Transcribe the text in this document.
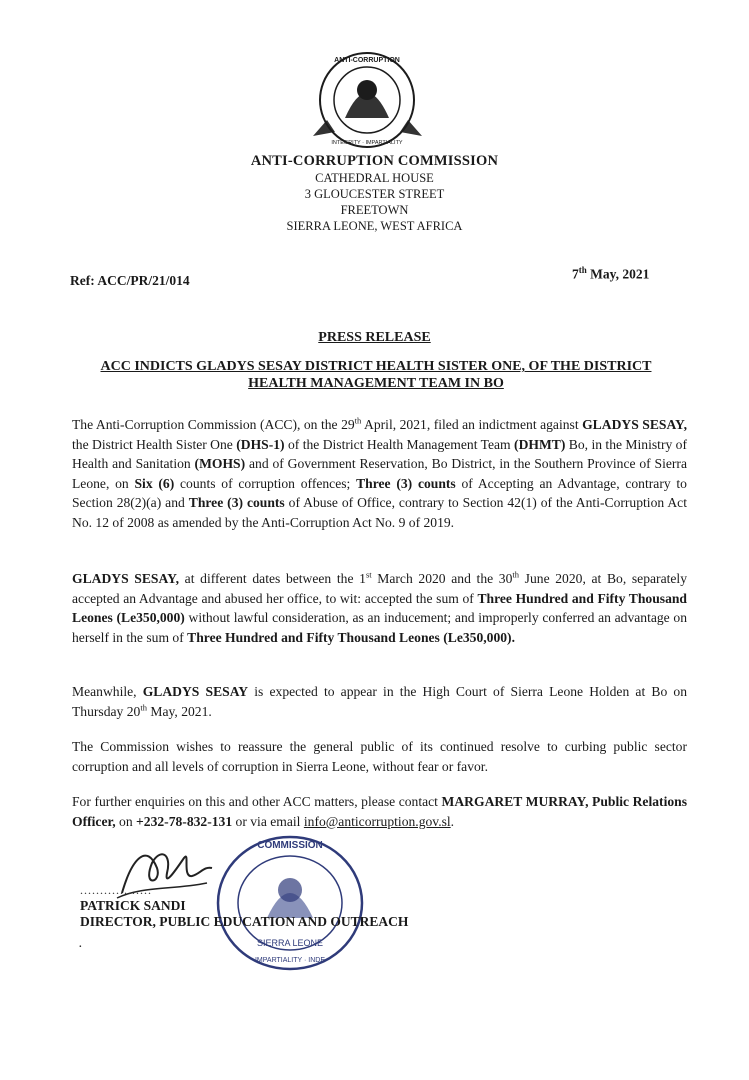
ANTI-CORRUPTION
INTEGRITY · IMPARTIALITY
ANTI-CORRUPTION COMMISSION
CATHEDRAL HOUSE
3 GLOUCESTER STREET
FREETOWN
SIERRA LEONE, WEST AFRICA
Ref: ACC/PR/21/014	7th May, 2021
PRESS RELEASE
ACC INDICTS GLADYS SESAY DISTRICT HEALTH SISTER ONE, OF THE DISTRICT HEALTH MANAGEMENT TEAM IN BO
The Anti-Corruption Commission (ACC), on the 29th April, 2021, filed an indictment against GLADYS SESAY, the District Health Sister One (DHS-1) of the District Health Management Team (DHMT) Bo, in the Ministry of Health and Sanitation (MOHS) and of Government Reservation, Bo District, in the Southern Province of Sierra Leone, on Six (6) counts of corruption offences; Three (3) counts of Accepting an Advantage, contrary to Section 28(2)(a) and Three (3) counts of Abuse of Office, contrary to Section 42(1) of the Anti-Corruption Act No. 12 of 2008 as amended by the Anti-Corruption Act No. 9 of 2019.
GLADYS SESAY, at different dates between the 1st March 2020 and the 30th June 2020, at Bo, separately accepted an Advantage and abused her office, to wit: accepted the sum of Three Hundred and Fifty Thousand Leones (Le350,000) without lawful consideration, as an inducement; and improperly conferred an advantage on herself in the sum of Three Hundred and Fifty Thousand Leones (Le350,000).
Meanwhile, GLADYS SESAY is expected to appear in the High Court of Sierra Leone Holden at Bo on Thursday 20th May, 2021.
The Commission wishes to reassure the general public of its continued resolve to curbing public sector corruption and all levels of corruption in Sierra Leone, without fear or favor.
For further enquiries on this and other ACC matters, please contact MARGARET MURRAY, Public Relations Officer, on +232-78-832-131 or via email info@anticorruption.gov.sl.
COMMISSION
SIERRA LEONE
IMPARTIALITY · INDE
..................
PATRICK SANDI
DIRECTOR, PUBLIC EDUCATION AND OUTREACH
·
